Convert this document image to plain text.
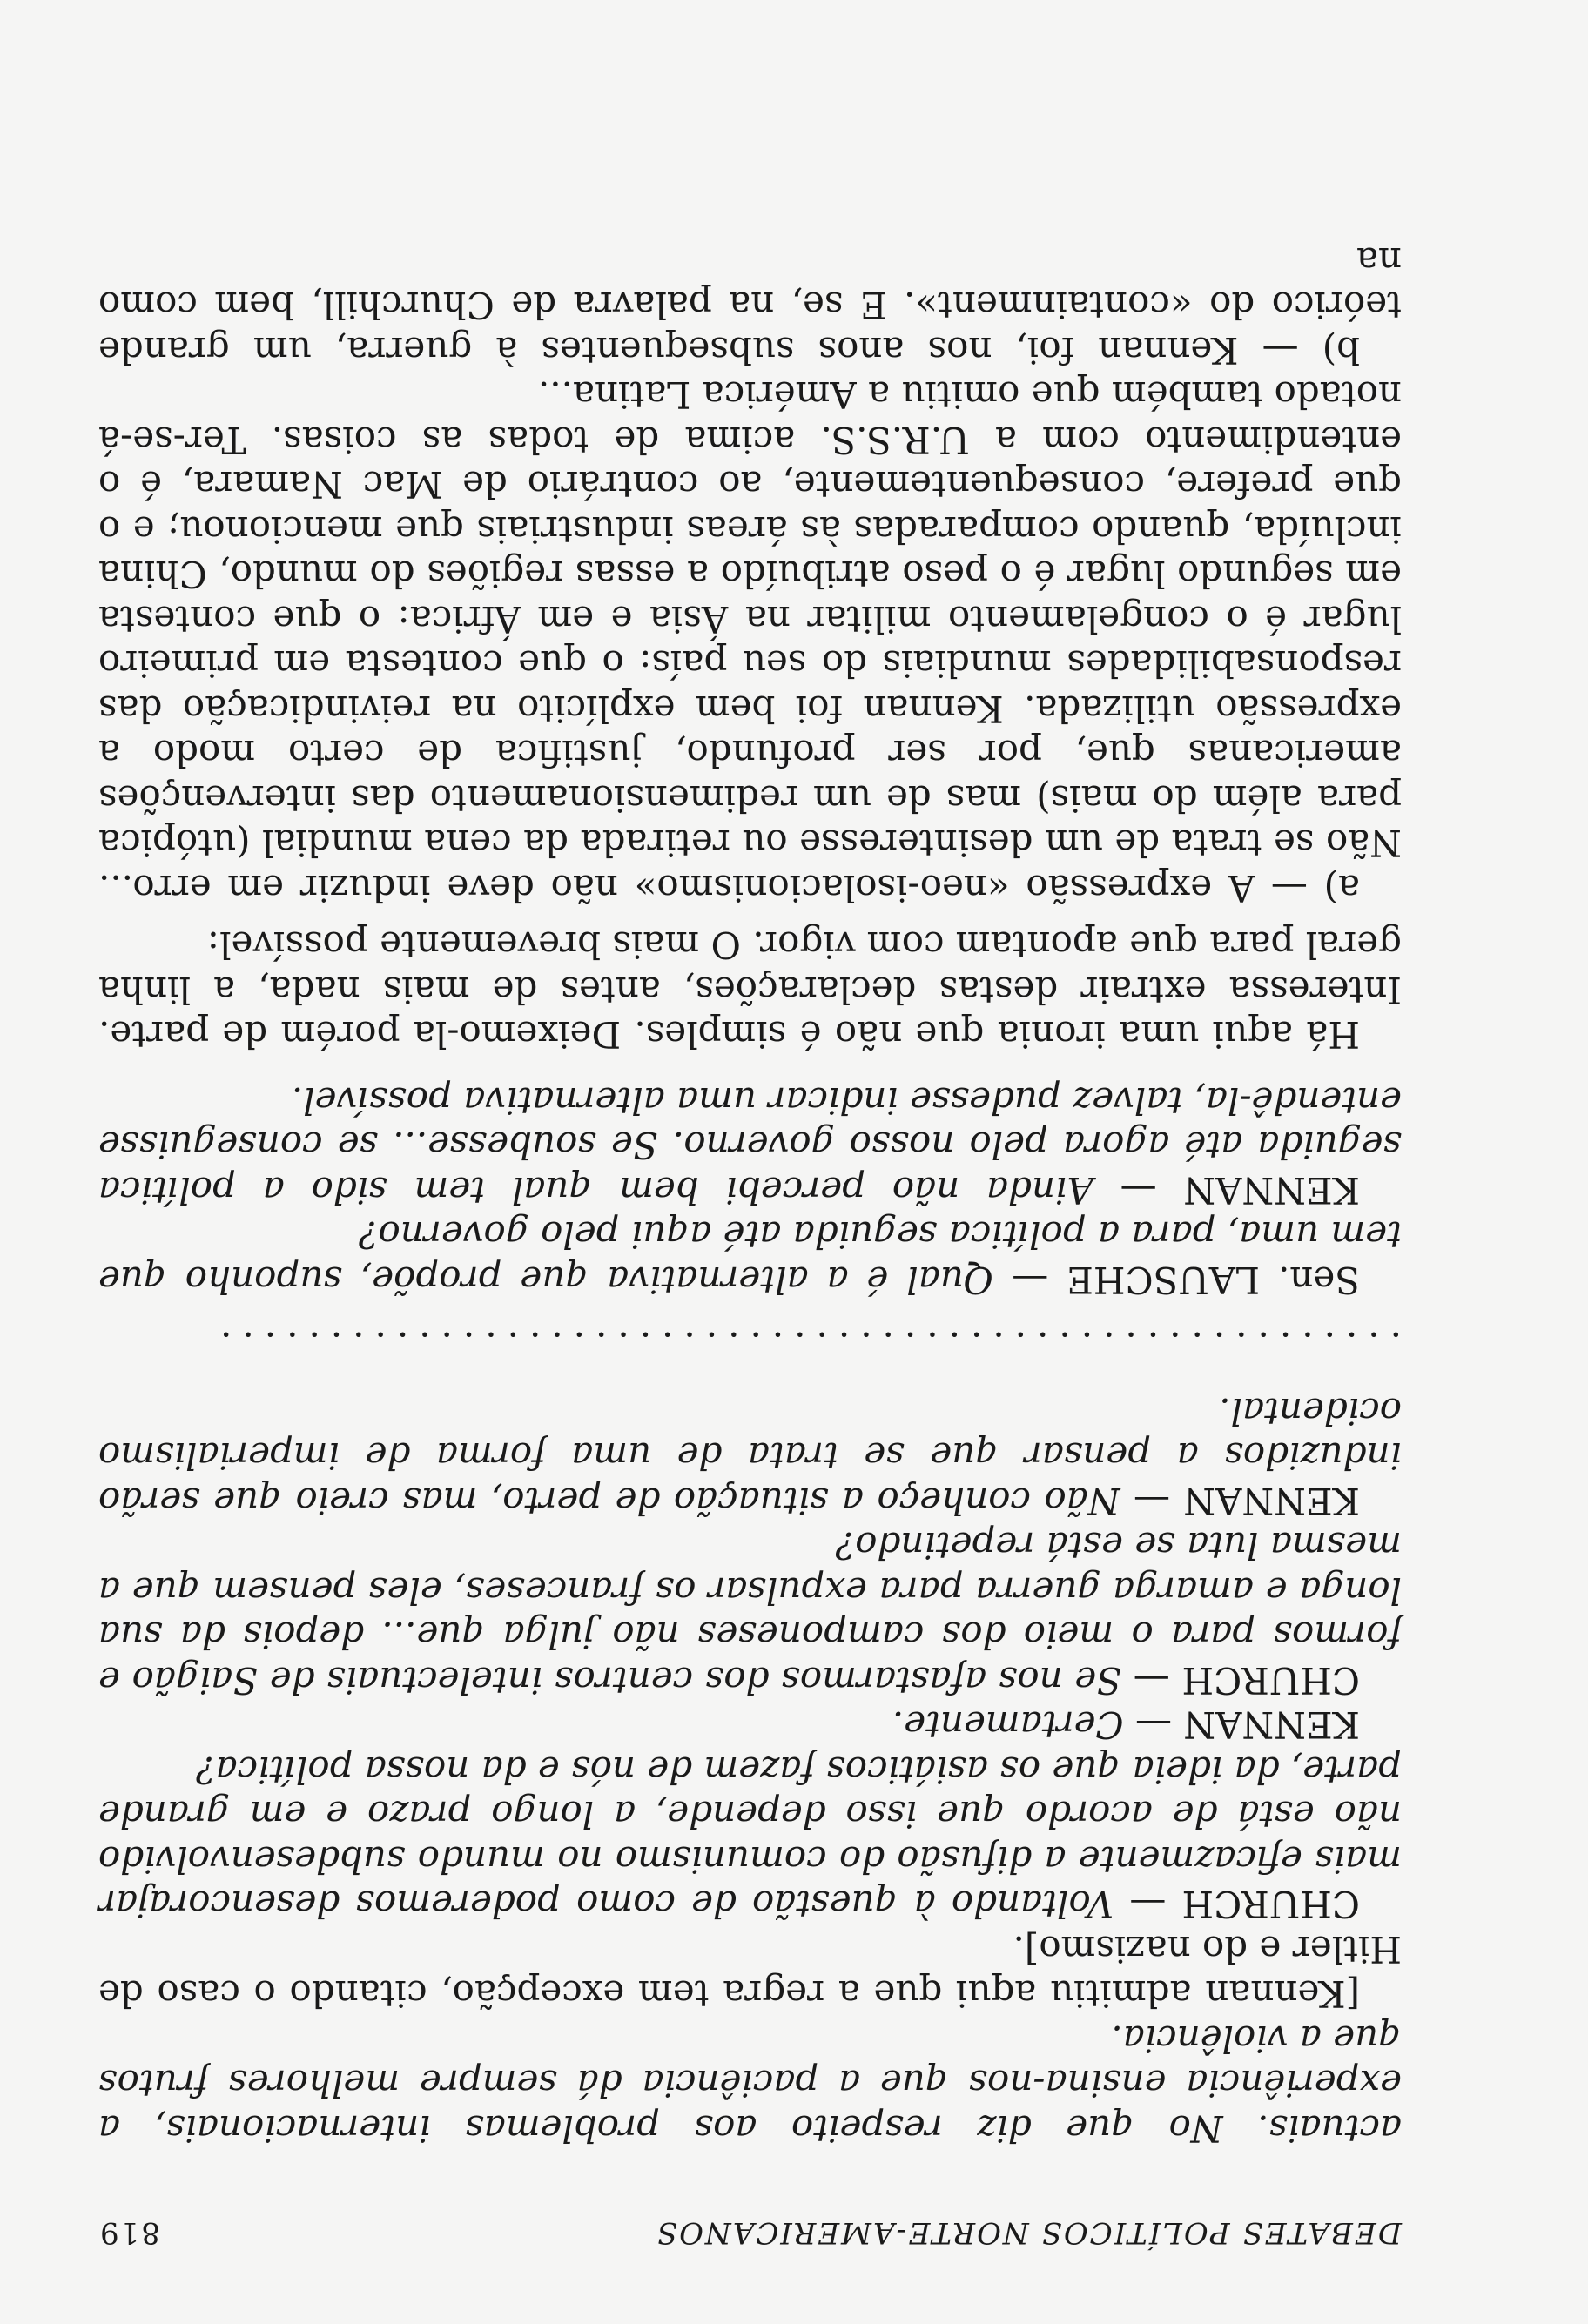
DEBATES POLÍTICOS NORTE-AMERICANOS
819

actuais. No que diz respeito aos problemas internacionais, a experiência ensina-nos que a paciência dá sempre melhores frutos que a violência.

[Kennan admitiu aqui que a regra tem excepção, citando o caso de Hitler e do nazismo].

CHURCH — Voltando à questão de como poderemos desencorajar mais eficazmente a difusão do comunismo no mundo subdesenvolvido não está de acordo que isso depende, a longo prazo e em grande parte, da ideia que os asiáticos fazem de nós e da nossa política?

KENNAN — Certamente.

CHURCH — Se nos afastarmos dos centros intelectuais de Saigão e formos para o meio dos camponeses não julga que... depois da sua longa e amarga guerra para expulsar os franceses, eles pensem que a mesma luta se está repetindo?

KENNAN — Não conheço a situação de perto, mas creio que serão induzidos a pensar que se trata de uma forma de imperialismo ocidental.

......................................................

Sen. LAUSCHE — Qual é a alternativa que propõe, suponho que tem uma, para a política seguida até aqui pelo governo?

KENNAN — Ainda não percebi bem qual tem sido a política seguida até agora pelo nosso governo. Se soubesse... se conseguisse entendê-la, talvez pudesse indicar uma alternativa possível.

Há aqui uma ironia que não é simples. Deixemo-la porém de parte. Interessa extrair destas declarações, antes de mais nada, a linha geral para que apontam com vigor. O mais brevemente possível:

a) — A expressão «neo-isolacionismo» não deve induzir em erro... Não se trata de um desinteresse ou retirada da cena mundial (utópica para além do mais) mas de um redimensionamento das intervenções americanas que, por ser profundo, justifica de certo modo a expressão utilizada. Kennan foi bem explícito na reivindicação das responsabilidades mundiais do seu país: o que contesta em primeiro lugar é o congelamento militar na Ásia e em África: o que contesta em segundo lugar é o peso atribuído a essas regiões do mundo, China incluída, quando comparadas às áreas industriais que mencionou; e o que prefere, consequentemente, ao contrário de Mac Namara, é o entendimento com a U.R.S.S. acima de todas as coisas. Ter-se-á notado também que omitiu a América Latina...

b) — Kennan foi, nos anos subsequentes à guerra, um grande teórico do «containment». E se, na palavra de Churchill, bem como na
